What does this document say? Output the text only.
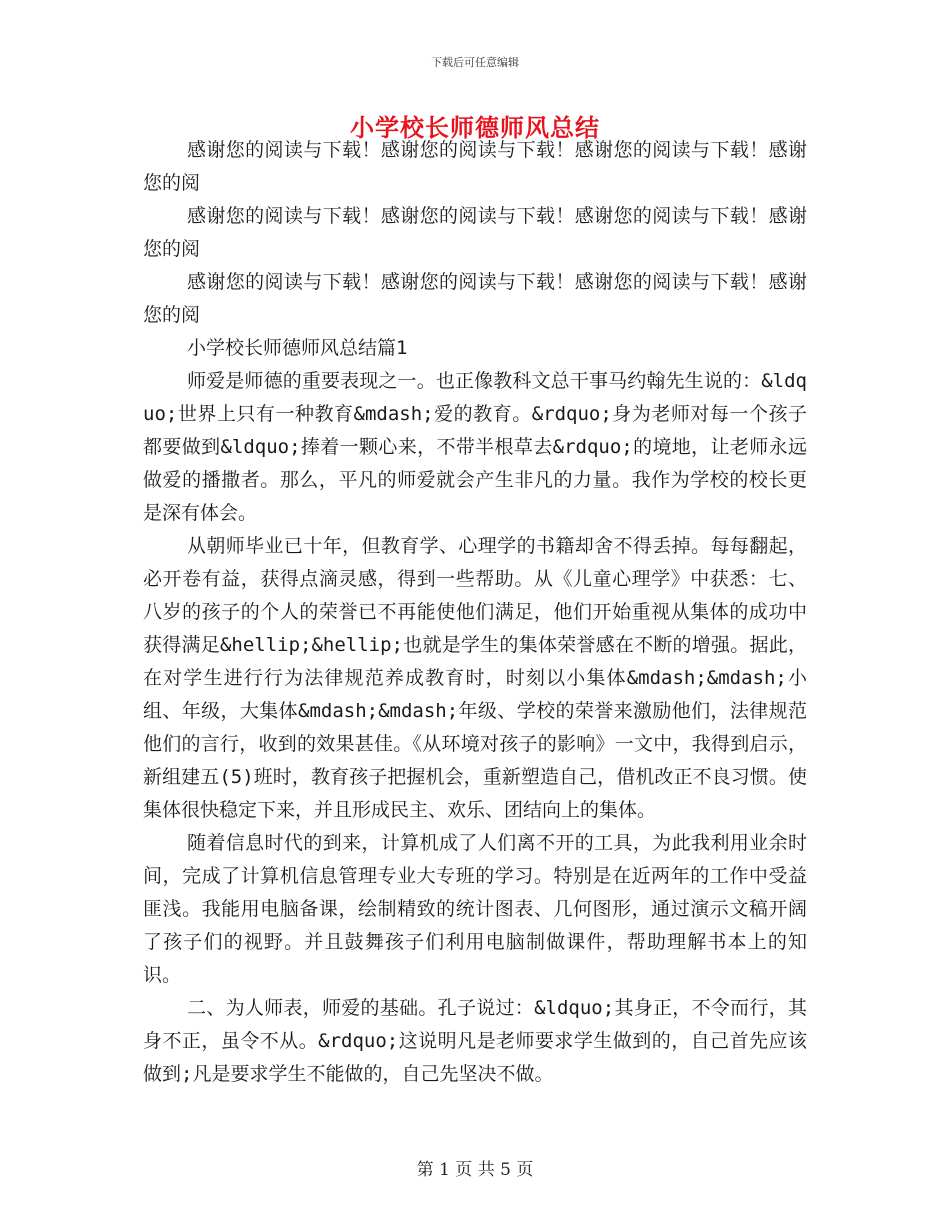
下载后可任意编辑
小学校长师德师风总结

感谢您的阅读与下载！感谢您的阅读与下载！感谢您的阅读与下载！感谢您的阅

感谢您的阅读与下载！感谢您的阅读与下载！感谢您的阅读与下载！感谢您的阅

感谢您的阅读与下载！感谢您的阅读与下载！感谢您的阅读与下载！感谢您的阅

小学校长师德师风总结篇1

师爱是师德的重要表现之一。也正像教科文总干事马约翰先生说的：&ldquo;世界上只有一种教育&mdash;爱的教育。&rdquo;身为老师对每一个孩子都要做到&ldquo;捧着一颗心来，不带半根草去&rdquo;的境地，让老师永远做爱的播撒者。那么，平凡的师爱就会产生非凡的力量。我作为学校的校长更是深有体会。

从朝师毕业已十年，但教育学、心理学的书籍却舍不得丢掉。每每翻起，必开卷有益，获得点滴灵感，得到一些帮助。从《儿童心理学》中获悉：七、八岁的孩子的个人的荣誉已不再能使他们满足，他们开始重视从集体的成功中获得满足&hellip;&hellip;也就是学生的集体荣誉感在不断的增强。据此，在对学生进行行为法律规范养成教育时，时刻以小集体&mdash;&mdash;小组、年级，大集体&mdash;&mdash;年级、学校的荣誉来激励他们，法律规范他们的言行，收到的效果甚佳。《从环境对孩子的影响》一文中，我得到启示，新组建五(5)班时，教育孩子把握机会，重新塑造自己，借机改正不良习惯。使集体很快稳定下来，并且形成民主、欢乐、团结向上的集体。

随着信息时代的到来，计算机成了人们离不开的工具，为此我利用业余时间，完成了计算机信息管理专业大专班的学习。特别是在近两年的工作中受益匪浅。我能用电脑备课，绘制精致的统计图表、几何图形，通过演示文稿开阔了孩子们的视野。并且鼓舞孩子们利用电脑制做课件，帮助理解书本上的知识。

二、为人师表，师爱的基础。孔子说过：&ldquo;其身正，不令而行，其身不正，虽令不从。&rdquo;这说明凡是老师要求学生做到的，自己首先应该做到;凡是要求学生不能做的，自己先坚决不做。

第 1 页 共 5 页
